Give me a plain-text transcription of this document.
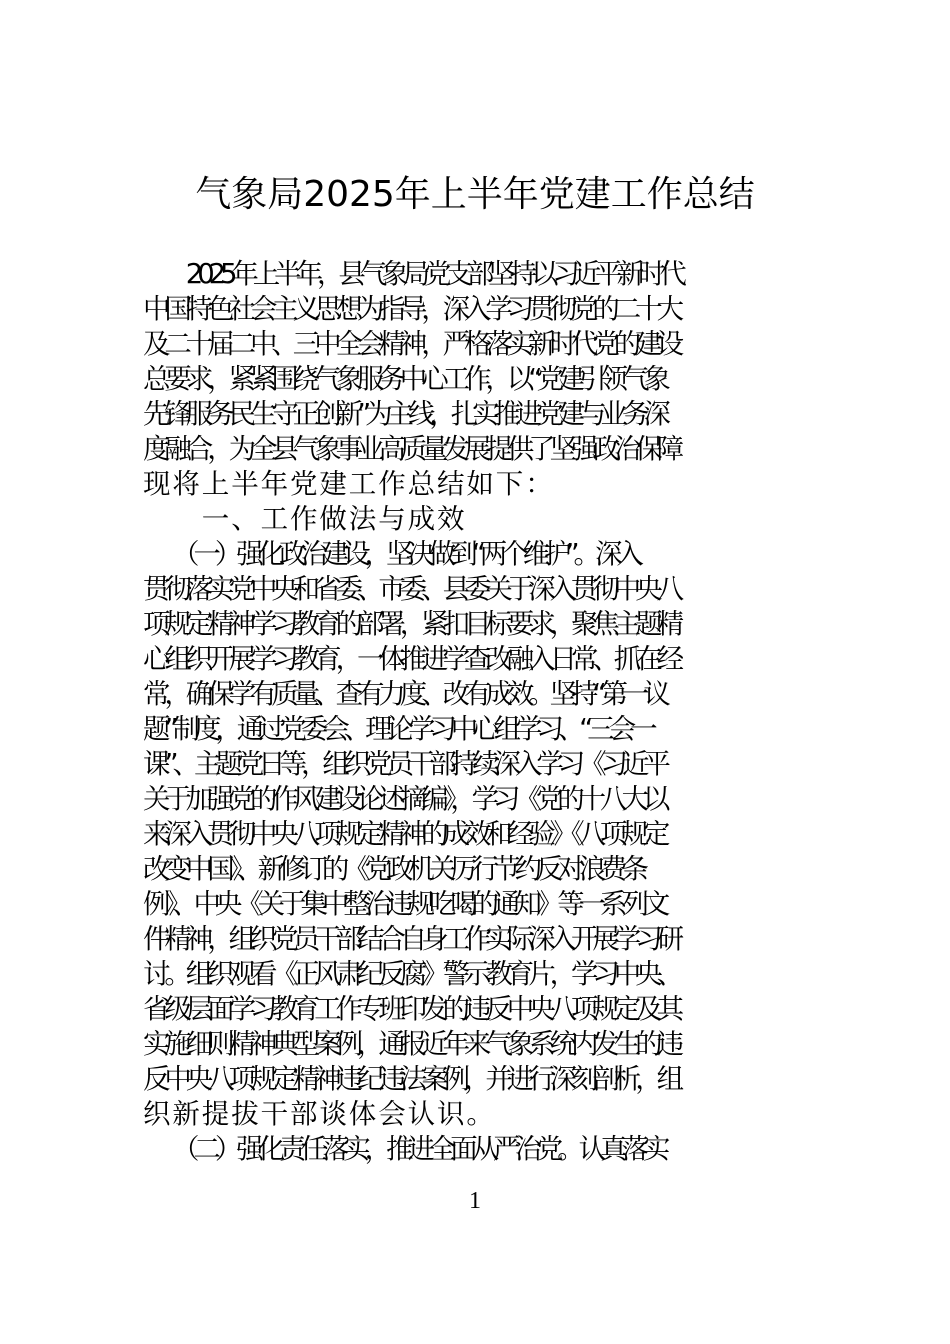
气象局2025年上半年党建工作总结
　　2025年上半年，县气象局党支部坚持以习近平新时代
中国特色社会主义思想为指导，深入学习贯彻党的二十大
及二十届二中、三中全会精神，严格落实新时代党的建设
总要求，紧紧围绕气象服务中心工作，以“党建引领气象
先锋服务民生守正创新”为主线，扎实推进党建与业务深
度融合，为全县气象事业高质量发展提供了坚强政治保障
现将上半年党建工作总结如下：
　　一、工作做法与成效
　　（一）强化政治建设，坚决做到“两个维护”。深入
贯彻落实党中央和省委、市委、县委关于深入贯彻中央八
项规定精神学习教育的部署，紧扣目标要求，聚焦主题精
心组织开展学习教育，一体推进学查改融入日常、抓在经
常，确保学有质量、查有力度、改有成效。坚持“第一议
题”制度，通过党委会、理论学习中心组学习、“三会一
课”、主题党日等，组织党员干部持续深入学习《习近平
关于加强党的作风建设论述摘编》，学习《党的十八大以
来深入贯彻中央八项规定精神的成效和经验》《八项规定
改变中国》、新修订的《党政机关厉行节约反对浪费条
例》、中央《关于集中整治违规吃喝的通知》等一系列文
件精神，组织党员干部结合自身工作实际深入开展学习研
讨。组织观看《正风肃纪反腐》警示教育片，学习中央、
省级层面学习教育工作专班印发的违反中央八项规定及其
实施细则精神典型案例，通报近年来气象系统内发生的违
反中央八项规定精神违纪违法案例，并进行深刻剖析，组
织新提拔干部谈体会认识。
　　（二）强化责任落实，推进全面从严治党。认真落实
1
